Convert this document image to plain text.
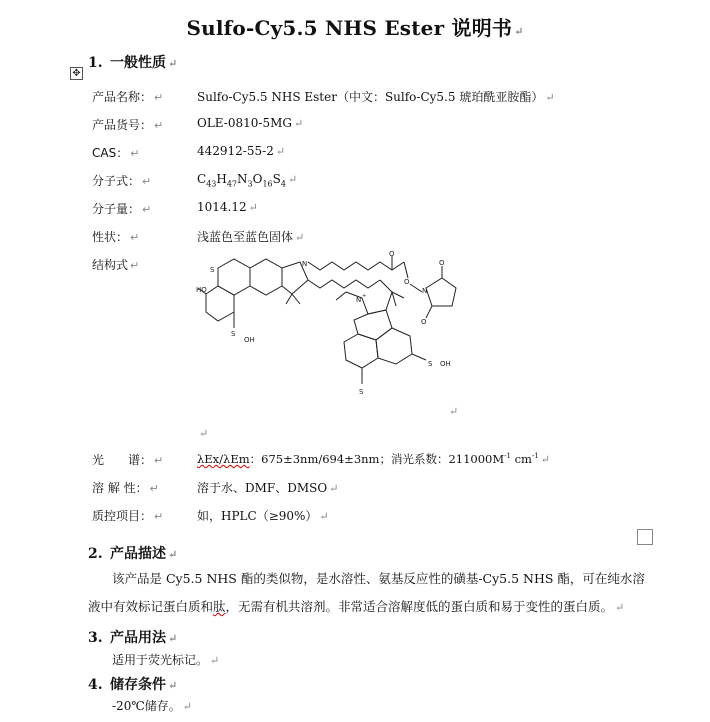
Sulfo-Cy5.5 NHS Ester 说明书 ↵
✥
1. 一般性质 ↵
产品名称： ↵	Sulfo-Cy5.5 NHS Ester（中文：Sulfo-Cy5.5 琥珀酰亚胺酯） ↵
产品货号： ↵	OLE-0810-5MG ↵
CAS： ↵	442912-55-2 ↵
分子式： ↵	$C_{43}H_{47}N_3O_{16}S_4$ ↵
分子量： ↵	1014.12 ↵
性状： ↵	浅蓝色至蓝色固体 ↵
结构式 ↵	N
N +
O
O
N
O
O
S
HO
S
OH
S OH
S
↵
↵
光　　谱： ↵	λEx/λEm：675±3nm/694±3nm；消光系数：$211000M^{-1}$ $cm^{-1}$ ↵
溶 解 性： ↵	溶于水、DMF、DMSO ↵
质控项目： ↵	如，HPLC（≥90%） ↵
2. 产品描述 ↵
该产品是 Cy5.5 NHS 酯的类似物，是水溶性、氨基反应性的磺基-Cy5.5 NHS 酯，可在纯水溶
液中有效标记蛋白质和肽，无需有机共溶剂。非常适合溶解度低的蛋白质和易于变性的蛋白质。 ↵
3. 产品用法 ↵
适用于荧光标记。 ↵
4. 储存条件 ↵
-20℃储存。 ↵
